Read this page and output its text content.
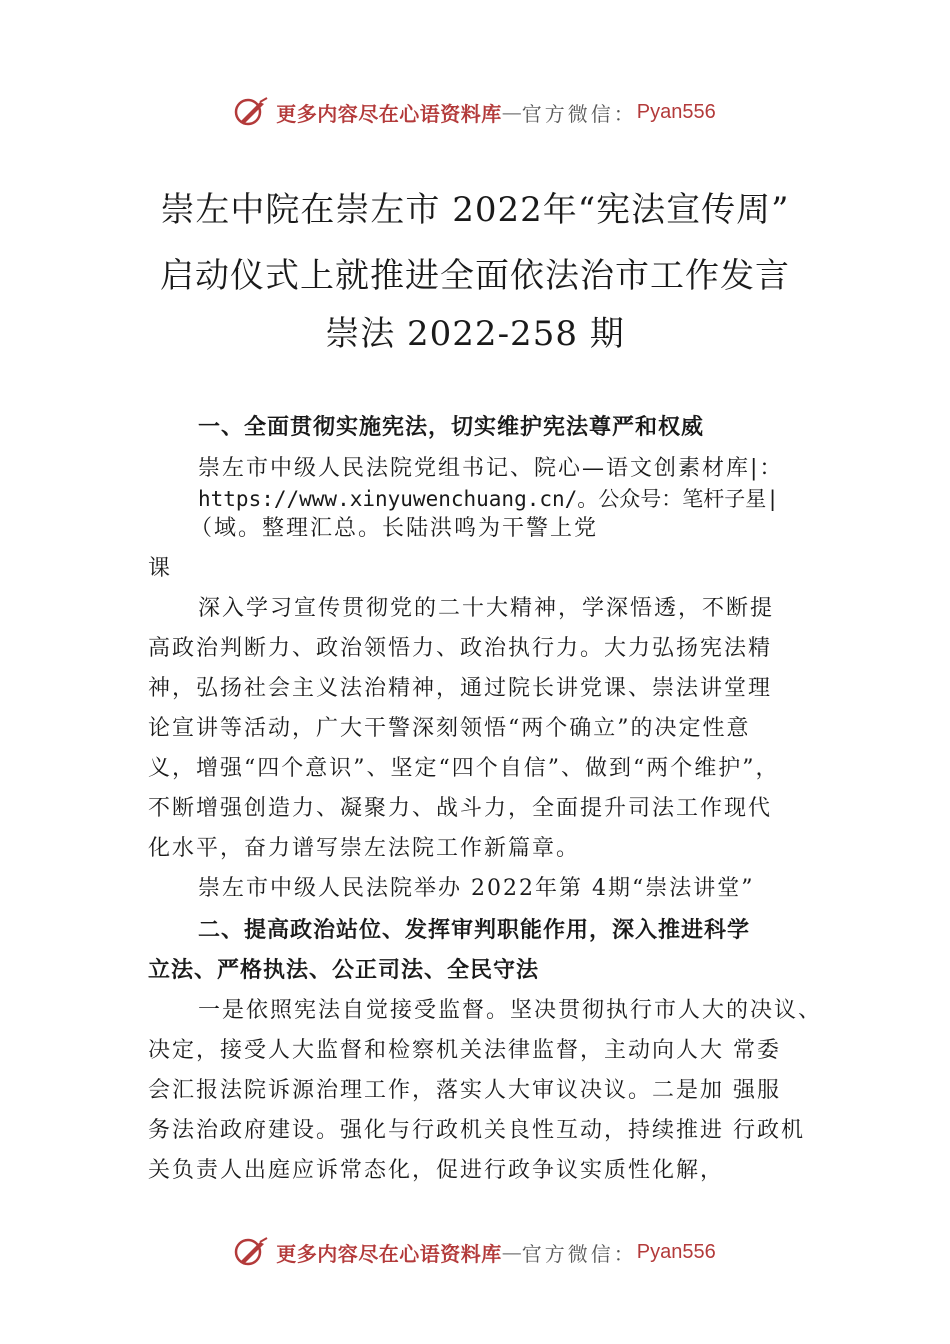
更多内容尽在心语资料库 — 官方微信： Pyan556
崇左中院在崇左市 2022年“宪法宣传周”
启动仪式上就推进全面依法治市工作发言
崇法 2022-258 期
一、全面贯彻实施宪法，切实维护宪法尊严和权威
崇左市中级人民法院党组书记、院心—语文创素材库|：
https://www.xinyuwenchuang.cn/。公众号：笔杆子星|
（域。整理汇总。长陆洪鸣为干警上党
课
深入学习宣传贯彻党的二十大精神，学深悟透，不断提
高政治判断力、政治领悟力、政治执行力。大力弘扬宪法精
神，弘扬社会主义法治精神，通过院长讲党课、崇法讲堂理
论宣讲等活动，广大干警深刻领悟“两个确立”的决定性意
义，增强“四个意识”、坚定“四个自信”、做到“两个维护”，
不断增强创造力、凝聚力、战斗力，全面提升司法工作现代
化水平，奋力谱写崇左法院工作新篇章。
崇左市中级人民法院举办 2022年第 4期“崇法讲堂”
二、提高政治站位、发挥审判职能作用，深入推进科学
立法、严格执法、公正司法、全民守法
一是依照宪法自觉接受监督。坚决贯彻执行市人大的决议、
决定，接受人大监督和检察机关法律监督，主动向人大 常委
会汇报法院诉源治理工作，落实人大审议决议。二是加 强服
务法治政府建设。强化与行政机关良性互动，持续推进 行政机
关负责人出庭应诉常态化，促进行政争议实质性化解，
更多内容尽在心语资料库 — 官方微信： Pyan556
